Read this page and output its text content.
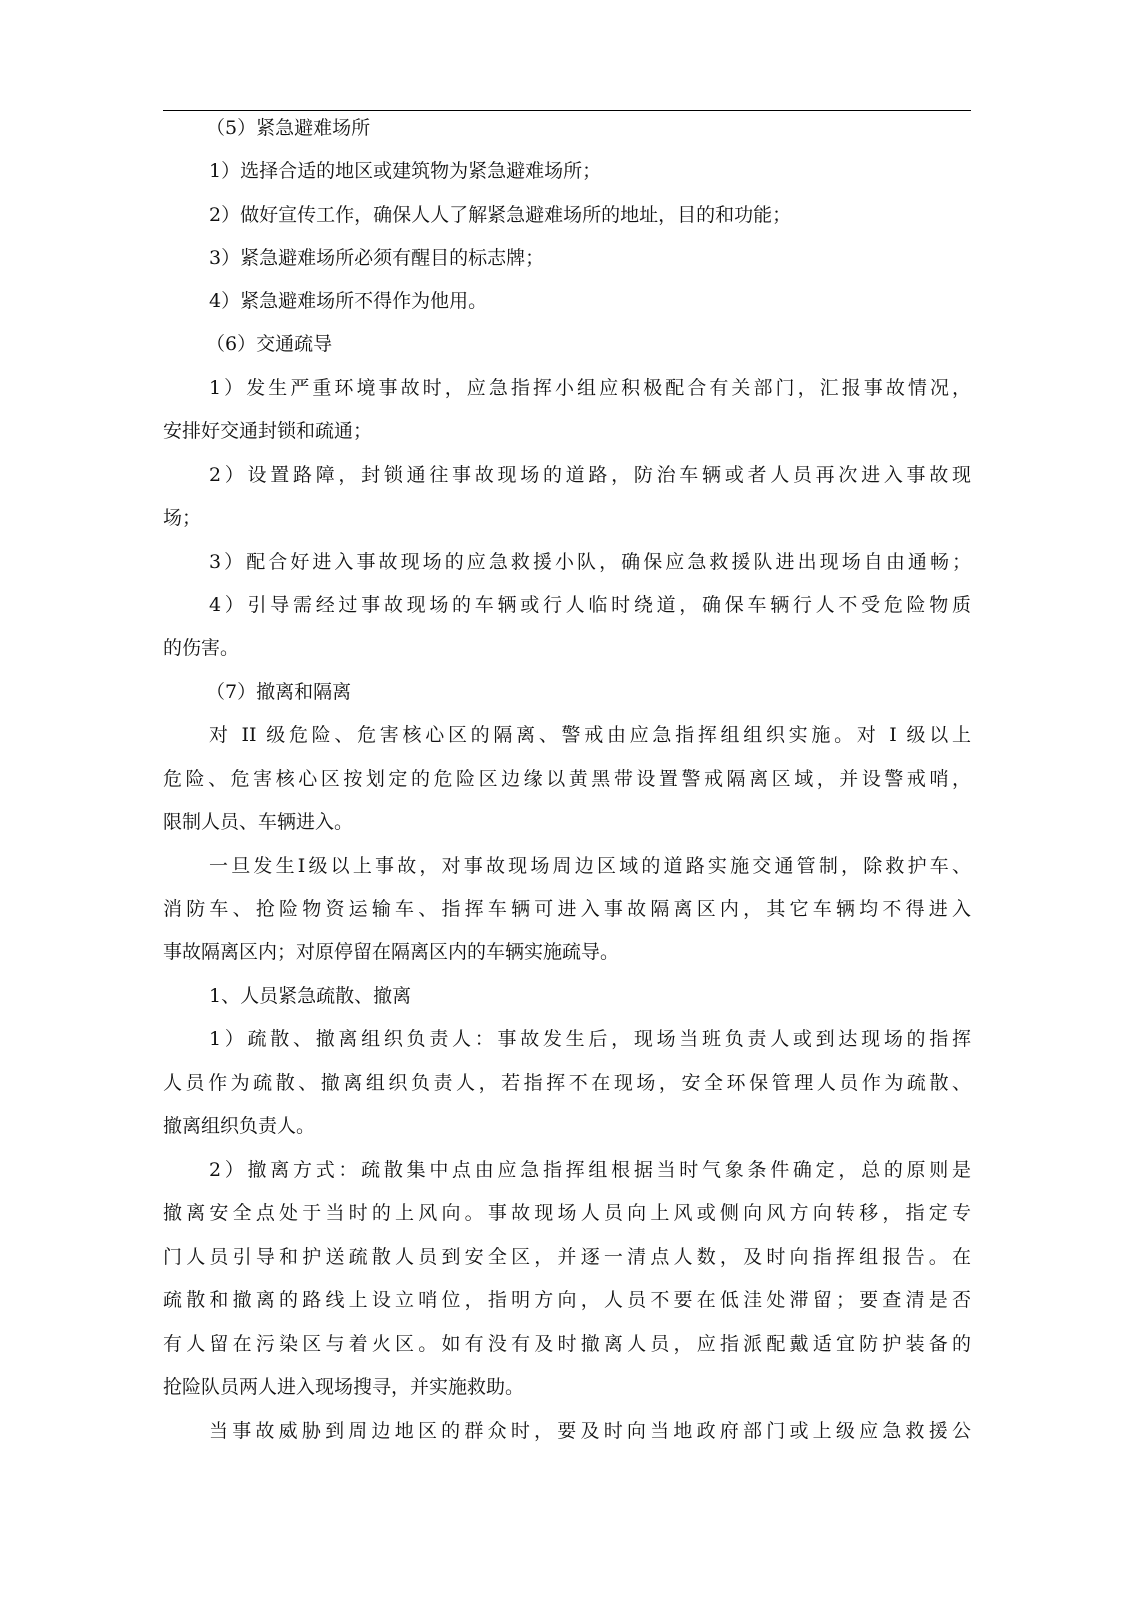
（5）紧急避难场所
1）选择合适的地区或建筑物为紧急避难场所；
2）做好宣传工作，确保人人了解紧急避难场所的地址，目的和功能；
3）紧急避难场所必须有醒目的标志牌；
4）紧急避难场所不得作为他用。
（6）交通疏导
1）发生严重环境事故时，应急指挥小组应积极配合有关部门，汇报事故情况，
安排好交通封锁和疏通；
2）设置路障，封锁通往事故现场的道路，防治车辆或者人员再次进入事故现
场；
3）配合好进入事故现场的应急救援小队，确保应急救援队进出现场自由通畅；
4）引导需经过事故现场的车辆或行人临时绕道，确保车辆行人不受危险物质
的伤害。
（7）撤离和隔离
对 II 级危险、危害核心区的隔离、警戒由应急指挥组组织实施。对 I 级以上
危险、危害核心区按划定的危险区边缘以黄黑带设置警戒隔离区域，并设警戒哨，
限制人员、车辆进入。
一旦发生I级以上事故，对事故现场周边区域的道路实施交通管制，除救护车、
消防车、抢险物资运输车、指挥车辆可进入事故隔离区内，其它车辆均不得进入
事故隔离区内；对原停留在隔离区内的车辆实施疏导。
1、人员紧急疏散、撤离
1）疏散、撤离组织负责人：事故发生后，现场当班负责人或到达现场的指挥
人员作为疏散、撤离组织负责人，若指挥不在现场，安全环保管理人员作为疏散、
撤离组织负责人。
2）撤离方式：疏散集中点由应急指挥组根据当时气象条件确定，总的原则是
撤离安全点处于当时的上风向。事故现场人员向上风或侧向风方向转移，指定专
门人员引导和护送疏散人员到安全区，并逐一清点人数，及时向指挥组报告。在
疏散和撤离的路线上设立哨位，指明方向，人员不要在低洼处滞留；要查清是否
有人留在污染区与着火区。如有没有及时撤离人员，应指派配戴适宜防护装备的
抢险队员两人进入现场搜寻，并实施救助。
当事故威胁到周边地区的群众时，要及时向当地政府部门或上级应急救援公
